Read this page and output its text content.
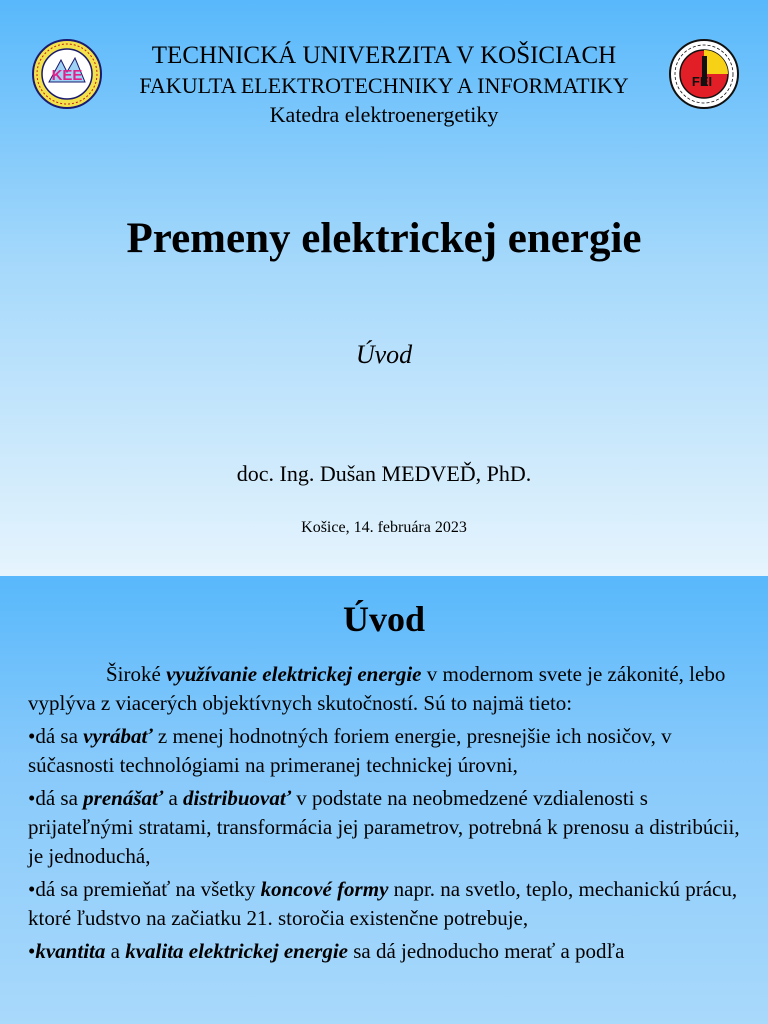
KEE	FEI
TECHNICKÁ UNIVERZITA V KOŠICIACH
FAKULTA ELEKTROTECHNIKY A INFORMATIKY
Katedra elektroenergetiky
Premeny elektrickej energie
Úvod
doc. Ing. Dušan MEDVEĎ, PhD.
Košice, 14. februára 2023
Úvod

Široké využívanie elektrickej energie v modernom svete je zákonité, lebo vyplýva z viacerých objektívnych skutočností. Sú to najmä tieto:

•dá sa vyrábať z menej hodnotných foriem energie, presnejšie ich nosičov, v súčasnosti technológiami na primeranej technickej úrovni,

•dá sa prenášať a distribuovať v podstate na neobmedzené vzdialenosti s prijateľnými stratami, transformácia jej parametrov, potrebná k prenosu a distribúcii, je jednoduchá,

•dá sa premieňať na všetky koncové formy napr. na svetlo, teplo, mechanickú prácu, ktoré ľudstvo na začiatku 21. storočia existenčne potrebuje,

•kvantita a kvalita elektrickej energie sa dá jednoducho merať a podľa
